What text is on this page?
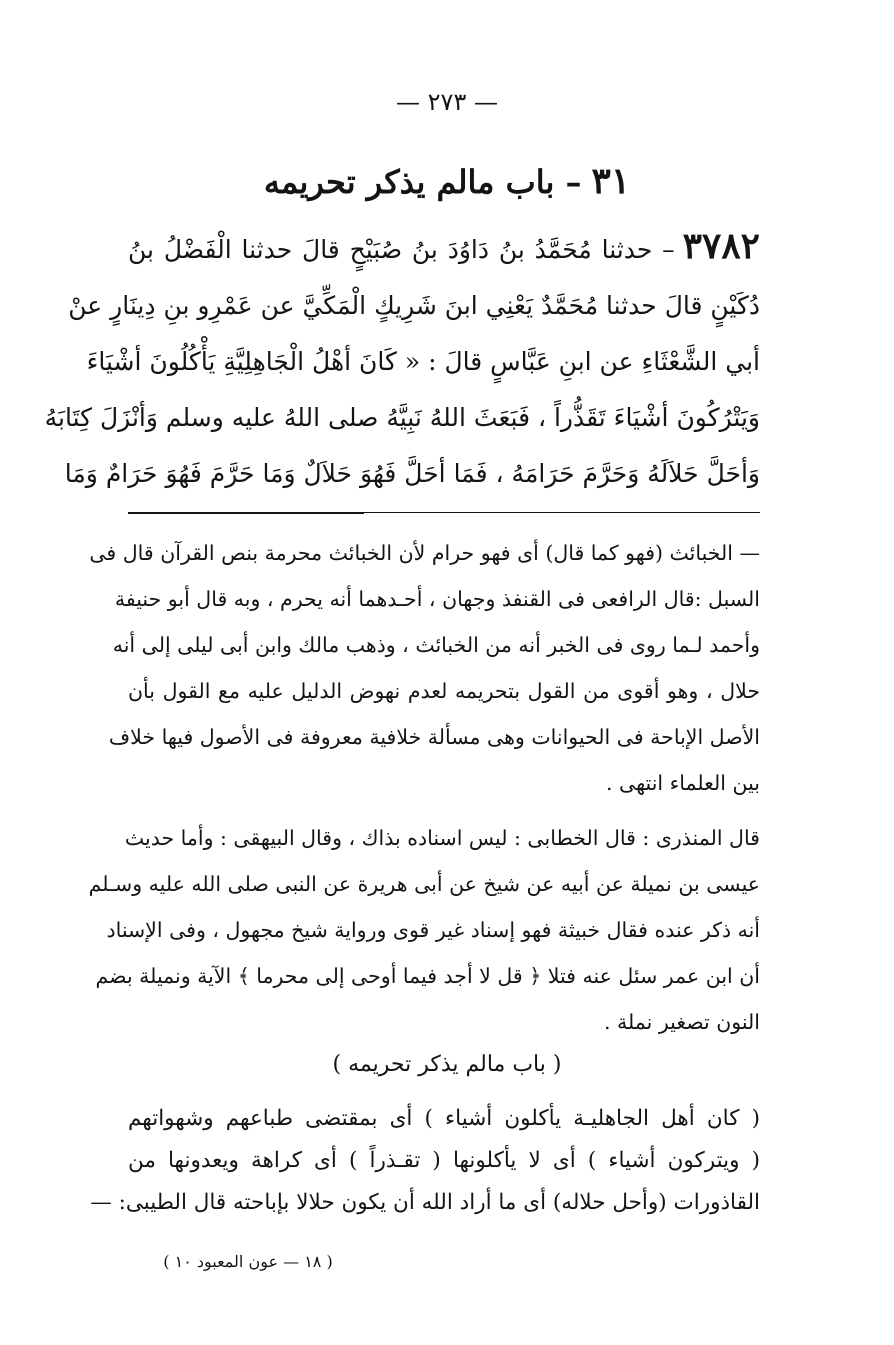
— ٢٧٣ —
٣١– باب مالم يذكر تحريمه
٣٧٨٢– حدثنا مُحَمَّدُ بنُ دَاوُدَ بنُ صُبَيْحٍ قالَ حدثنا الْفَضْلُ بنُ
دُكَيْنٍ قالَ حدثنا مُحَمَّدٌ يَعْنِي ابنَ شَرِيكٍ الْمَكِّيَّ عن عَمْرِو بنِ دِينَارٍ عنْ
أبي الشَّعْثَاءِ عن ابنِ عَبَّاسٍ قالَ : « كَانَ أهْلُ الْجَاهِلِيَّةِ يَأْكُلُونَ أشْيَاءَ
وَيَتْرُكُونَ أشْيَاءَ تَقَذُّراً ، فَبَعَثَ اللهُ نَبِيَّهُ صلى اللهُ عليه وسلم وَأنْزَلَ كِتَابَهُ
وَأحَلَّ حَلاَلَهُ وَحَرَّمَ حَرَامَهُ ، فَمَا أحَلَّ فَهُوَ حَلاَلٌ وَمَا حَرَّمَ فَهُوَ حَرَامٌ وَمَا
— الخبائث (فهو كما قال) أى فهو حرام لأن الخبائث محرمة بنص القرآن قال فى
السبل :قال الرافعى فى القنفذ وجهان ، أحـدهما أنه يحرم ، وبه قال أبو حنيفة
وأحمد لـما روى فى الخبر أنه من الخبائث ، وذهب مالك وابن أبى ليلى إلى أنه
حلال ، وهو أقوى من القول بتحريمه لعدم نهوض الدليل عليه مع القول بأن
الأصل الإباحة فى الحيوانات وهى مسألة خلافية معروفة فى الأصول فيها خلاف
بين العلماء انتهى .
قال المنذرى : قال الخطابى : ليس اسناده بذاك ، وقال البيهقى : وأما حديث
عيسى بن نميلة عن أبيه عن شيخ عن أبى هريرة عن النبى صلى الله عليه وسـلم
أنه ذكر عنده فقال خبيثة فهو إسناد غير قوى ورواية شيخ مجهول ، وفى الإسناد
أن ابن عمر سئل عنه فتلا ﴿ قل لا أجد فيما أوحى إلى محرما ﴾ الآية ونميلة بضم
النون تصغير نملة .
( باب مالم يذكر تحريمه )
( كان أهل الجاهليـة يأكلون أشياء ) أى بمقتضى طباعهم وشهواتهم
( ويتركون أشياء ) أى لا يأكلونها ( تقـذراً ) أى كراهة ويعدونها من
القاذورات (وأحل حلاله) أى ما أراد الله أن يكون حلالا بإباحته قال الطيبى: —
( ١٨ — عون المعبود ١٠ )
